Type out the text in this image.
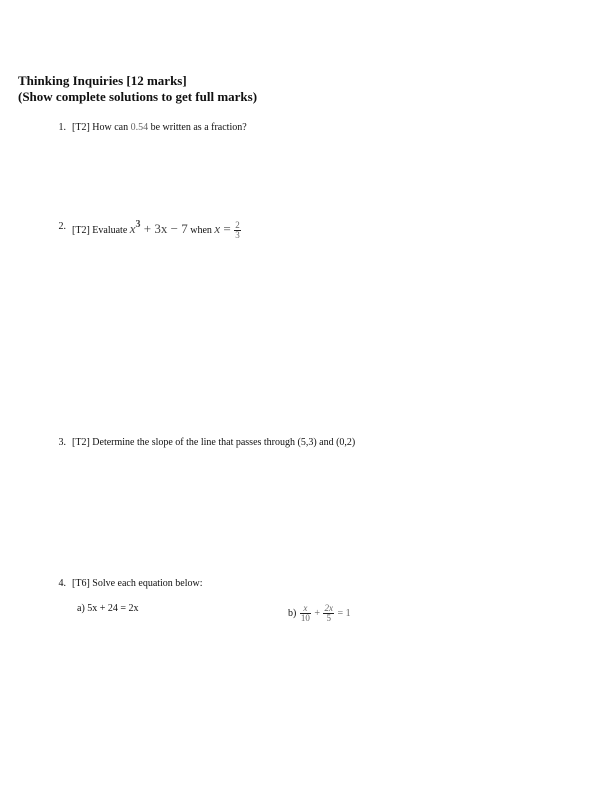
Thinking Inquiries [12 marks]
(Show complete solutions to get full marks)
1. [T2] How can 0.54 be written as a fraction?
2. [T2] Evaluate $x^3 + 3x - 7$ when $x = \frac{2}{3}$
3. [T2] Determine the slope of the line that passes through (5,3) and (0,2)
4. [T6] Solve each equation below:
a) 5x + 24 = 2x	$b) \frac{x}{10} + \frac{2x}{5} = 1$
